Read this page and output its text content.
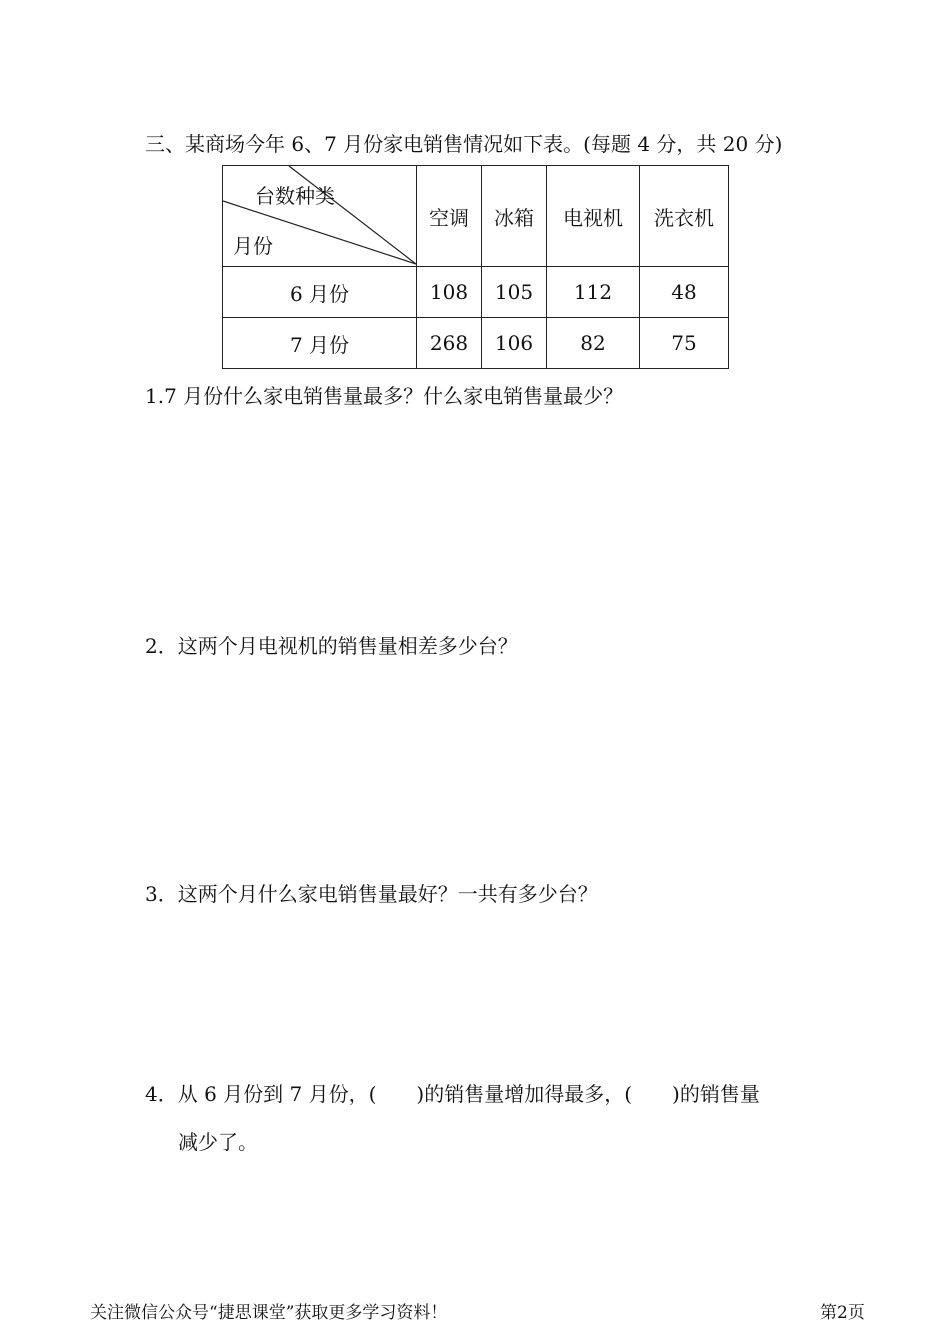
三、某商场今年 6、7 月份家电销售情况如下表。(每题 4 分，共 20 分)
台数种类
月份	空调	冰箱	电视机	洗衣机
6 月份	108	105	112	48
7 月份	268	106	82	75
1.7 月份什么家电销售量最多？什么家电销售量最少？
2．这两个月电视机的销售量相差多少台？
3．这两个月什么家电销售量最好？一共有多少台？
4．从 6 月份到 7 月份，(　　)的销售量增加得最多，(　　)的销售量
减少了。
关注微信公众号“捷思课堂”获取更多学习资料！	第2页
